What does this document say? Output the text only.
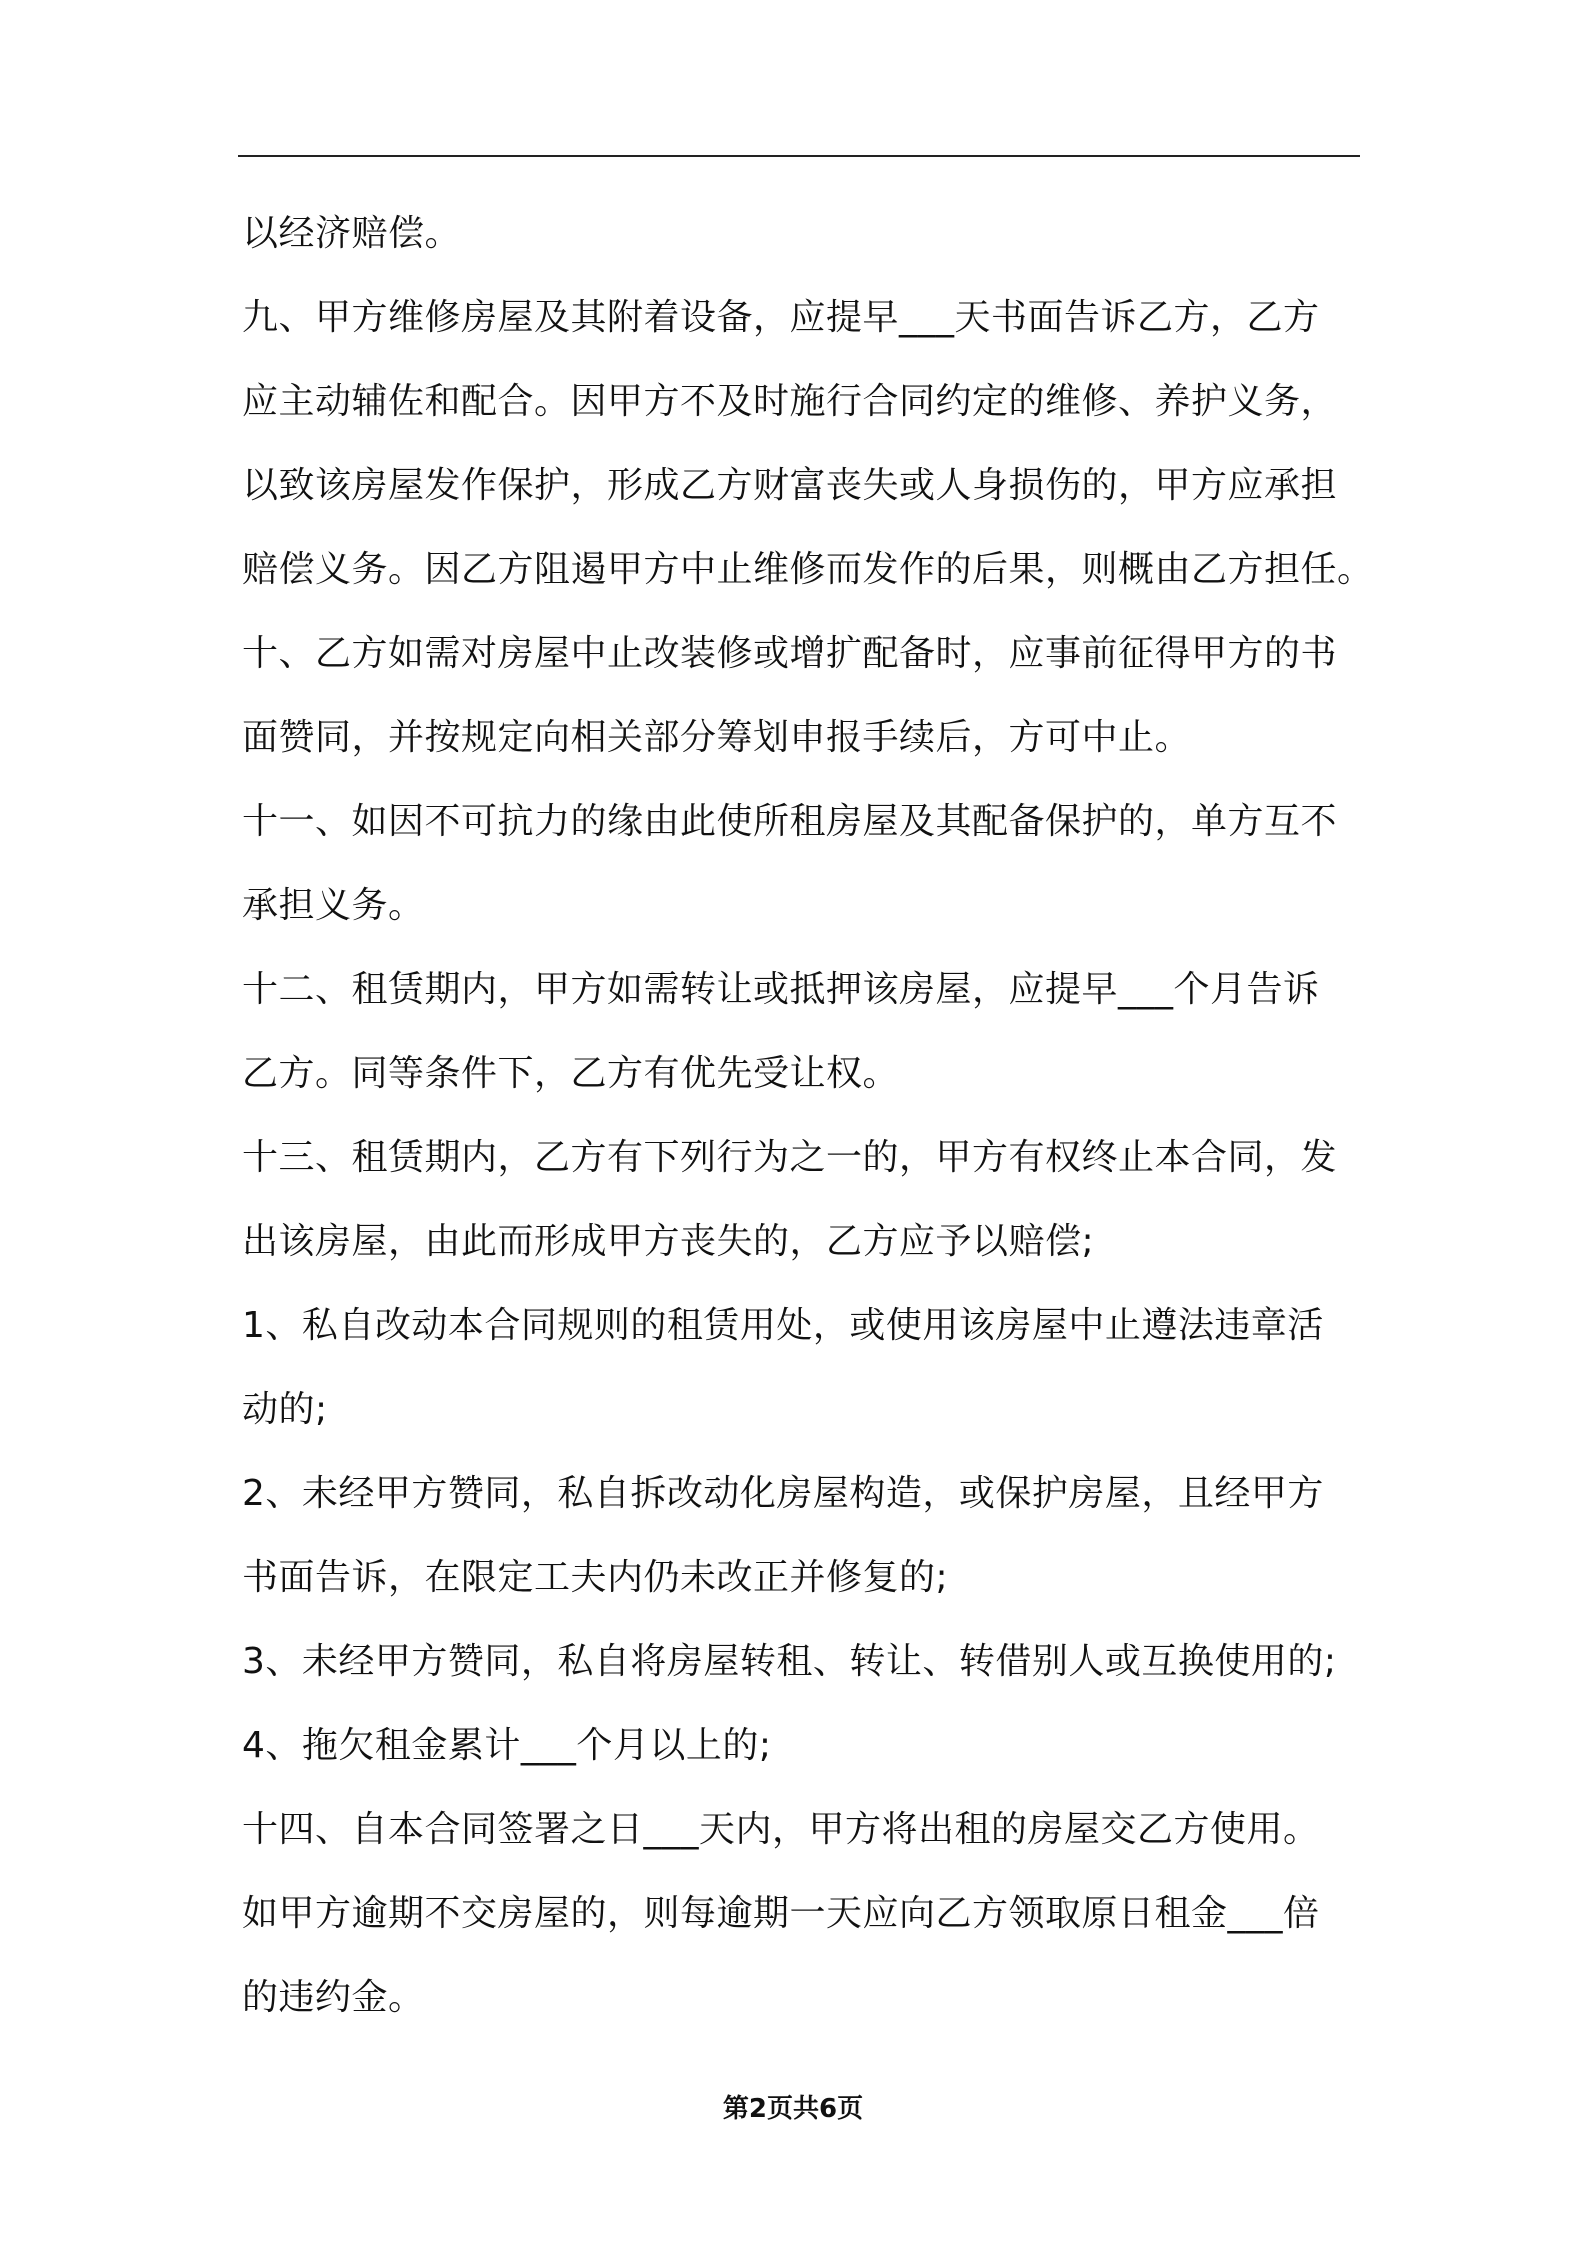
以经济赔偿。
九、甲方维修房屋及其附着设备，应提早___天书面告诉乙方，乙方
应主动辅佐和配合。因甲方不及时施行合同约定的维修、养护义务，
以致该房屋发作保护，形成乙方财富丧失或人身损伤的，甲方应承担
赔偿义务。因乙方阻遏甲方中止维修而发作的后果，则概由乙方担任。
十、乙方如需对房屋中止改装修或增扩配备时，应事前征得甲方的书
面赞同，并按规定向相关部分筹划申报手续后，方可中止。
十一、如因不可抗力的缘由此使所租房屋及其配备保护的，单方互不
承担义务。
十二、租赁期内，甲方如需转让或抵押该房屋，应提早___个月告诉
乙方。同等条件下，乙方有优先受让权。
十三、租赁期内，乙方有下列行为之一的，甲方有权终止本合同，发
出该房屋，由此而形成甲方丧失的，乙方应予以赔偿;
1、私自改动本合同规则的租赁用处，或使用该房屋中止遵法违章活
动的;
2、未经甲方赞同，私自拆改动化房屋构造，或保护房屋，且经甲方
书面告诉，在限定工夫内仍未改正并修复的;
3、未经甲方赞同，私自将房屋转租、转让、转借别人或互换使用的;
4、拖欠租金累计___个月以上的;
十四、自本合同签署之日___天内，甲方将出租的房屋交乙方使用。
如甲方逾期不交房屋的，则每逾期一天应向乙方领取原日租金___倍
的违约金。
第2页共6页
